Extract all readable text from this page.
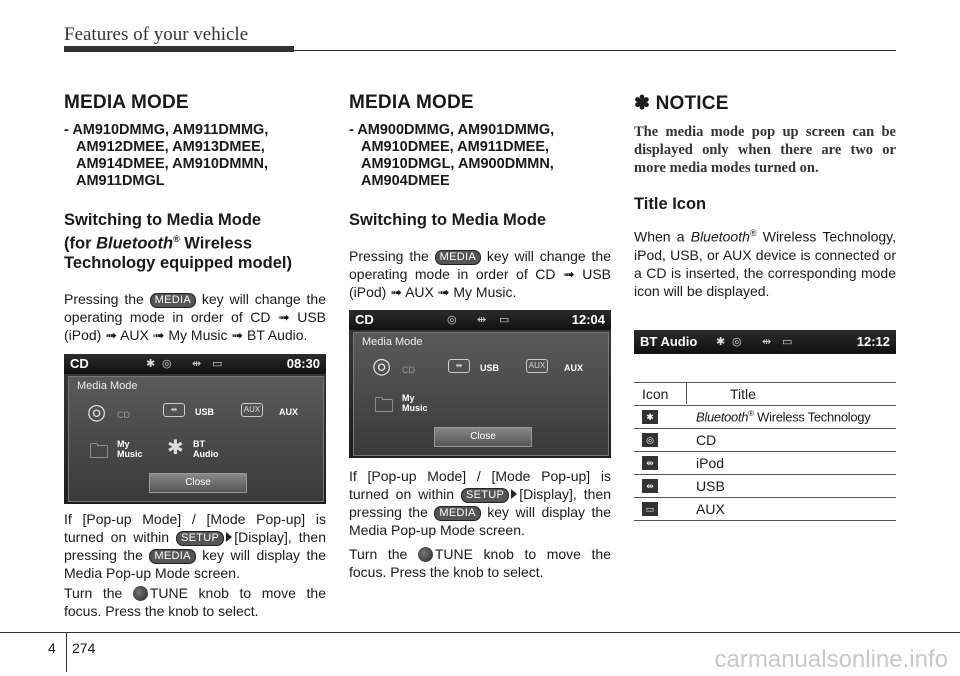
Features of your vehicle
MEDIA MODE
- AM910DMMG, AM911DMMG,
AM912DMEE, AM913DMEE,
AM914DMEE, AM910DMMN,
AM911DMGL
Switching to Media Mode
(for Bluetooth® Wireless
Technology equipped model)

Pressing the MEDIA key will change the operating mode in order of CD ➟ USB (iPod) ➟ AUX ➟ My Music ➟ BT Audio.

CD	✱ ◎ ⇹ ▭	08:30
Media Mode
◎ CD
⇹	USB	AUX	AUX
🗀 My
Music ✱ BT
Audio
Close

If [Pop-up Mode] / [Mode Pop-up] is turned on within SETUP [Display], then pressing the MEDIA key will display the Media Pop-up Mode screen.

Turn the TUNE knob to move the focus. Press the knob to select.

MEDIA MODE
- AM900DMMG, AM901DMMG,
AM910DMEE, AM911DMEE,
AM910DMGL, AM900DMMN,
AM904DMEE
Switching to Media Mode

Pressing the MEDIA key will change the operating mode in order of CD ➟ USB (iPod) ➟ AUX ➟ My Music.

CD	◎ ⇹ ▭	12:04
Media Mode
◎ CD	⇹	USB	AUX	AUX
🗀 My
Music
Close

If [Pop-up Mode] / [Mode Pop-up] is turned on within SETUP [Display], then pressing the MEDIA key will display the Media Pop-up Mode screen.

Turn the TUNE knob to move the focus. Press the knob to select.

✽ NOTICE

The media mode pop up screen can be displayed only when there are two or more media modes turned on.

Title Icon

When a Bluetooth® Wireless Technology, iPod, USB, or AUX device is connected or a CD is inserted, the corresponding mode icon will be displayed.

BT Audio ✱ ◎ ⇹ ▭	12:12
Icon	Title
✱	Bluetooth® Wireless Technology
◎	CD
⇹	iPod
⇹	USB
▭	AUX
4 274	carmanualsonline.info
